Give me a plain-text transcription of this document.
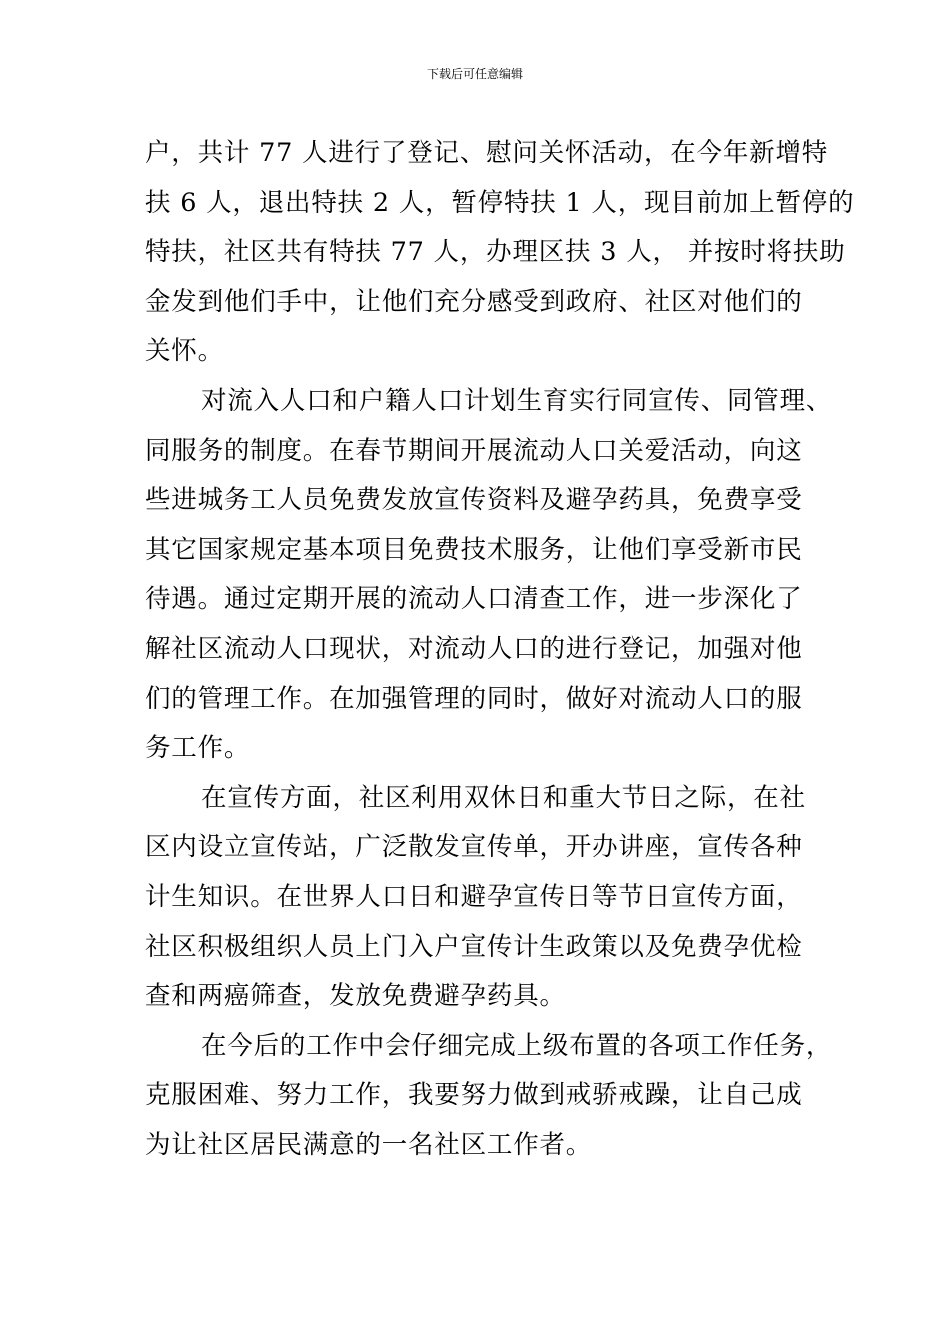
下载后可任意编辑
户，共计 77 人进行了登记、慰问关怀活动，在今年新增特
扶 6 人，退出特扶 2 人，暂停特扶 1 人，现目前加上暂停的
特扶，社区共有特扶 77 人，办理区扶 3 人， 并按时将扶助
金发到他们手中，让他们充分感受到政府、社区对他们的
关怀。
对流入人口和户籍人口计划生育实行同宣传、同管理、
同服务的制度。在春节期间开展流动人口关爱活动，向这
些进城务工人员免费发放宣传资料及避孕药具，免费享受
其它国家规定基本项目免费技术服务，让他们享受新市民
待遇。通过定期开展的流动人口清查工作，进一步深化了
解社区流动人口现状，对流动人口的进行登记，加强对他
们的管理工作。在加强管理的同时，做好对流动人口的服
务工作。
在宣传方面，社区利用双休日和重大节日之际，在社
区内设立宣传站，广泛散发宣传单，开办讲座，宣传各种
计生知识。在世界人口日和避孕宣传日等节日宣传方面，
社区积极组织人员上门入户宣传计生政策以及免费孕优检
查和两癌筛查，发放免费避孕药具。
在今后的工作中会仔细完成上级布置的各项工作任务，
克服困难、努力工作，我要努力做到戒骄戒躁，让自己成
为让社区居民满意的一名社区工作者。
